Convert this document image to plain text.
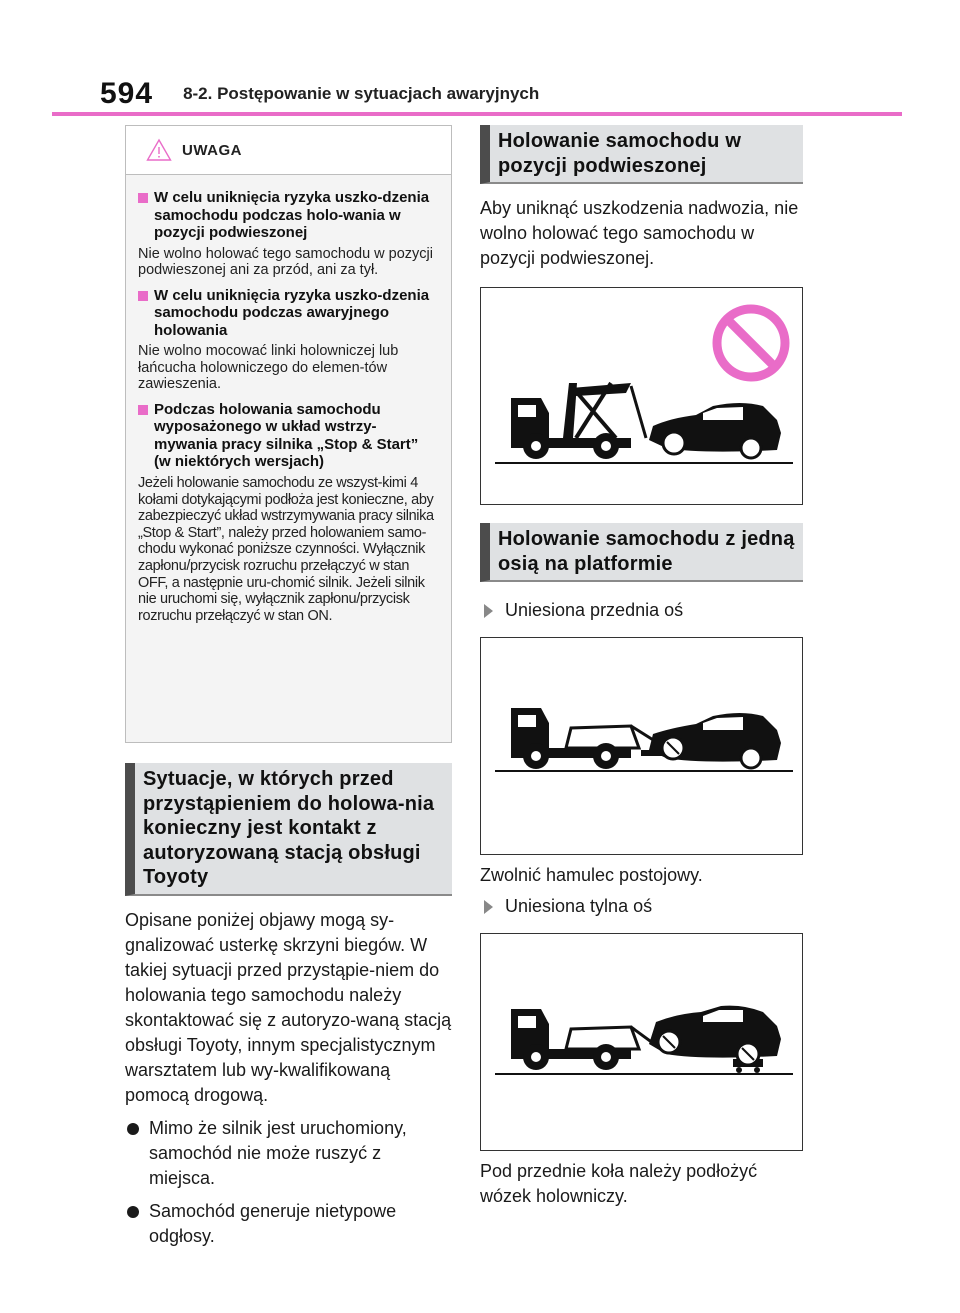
594 8-2. Postępowanie w sytuacjach awaryjnych
UWAGA
W celu uniknięcia ryzyka uszko-dzenia samochodu podczas holo-wania w pozycji podwieszonej
Nie wolno holować tego samochodu w pozycji podwieszonej ani za przód, ani za tył.
W celu uniknięcia ryzyka uszko-dzenia samochodu podczas awaryjnego holowania
Nie wolno mocować linki holowniczej lub łańcucha holowniczego do elemen-tów zawieszenia.
Podczas holowania samochodu wyposażonego w układ wstrzy-mywania pracy silnika „Stop & Start” (w niektórych wersjach)
Jeżeli holowanie samochodu ze wszyst-kimi 4 kołami dotykającymi podłoża jest konieczne, aby zabezpieczyć układ wstrzymywania pracy silnika „Stop & Start”, należy przed holowaniem samo-chodu wykonać poniższe czynności. Wyłącznik zapłonu/przycisk rozruchu przełączyć w stan OFF, a następnie uru-chomić silnik. Jeżeli silnik nie uruchomi się, wyłącznik zapłonu/przycisk rozruchu przełączyć w stan ON.
Sytuacje, w których przed przystąpieniem do holowa-nia konieczny jest kontakt z autoryzowaną stacją obsługi Toyoty
Opisane poniżej objawy mogą sy-gnalizować usterkę skrzyni biegów. W takiej sytuacji przed przystąpie-niem do holowania tego samochodu należy skontaktować się z autoryzo-waną stacją obsługi Toyoty, innym specjalistycznym warsztatem lub wy-kwalifikowaną pomocą drogową.
Mimo że silnik jest uruchomiony, samochód nie może ruszyć z miejsca.
Samochód generuje nietypowe odgłosy.
Holowanie samochodu w pozycji podwieszonej
Aby uniknąć uszkodzenia nadwozia, nie wolno holować tego samochodu w pozycji podwieszonej.
Holowanie samochodu z jedną osią na platformie
Uniesiona przednia oś
Zwolnić hamulec postojowy.
Uniesiona tylna oś
Pod przednie koła należy podłożyć wózek holowniczy.
